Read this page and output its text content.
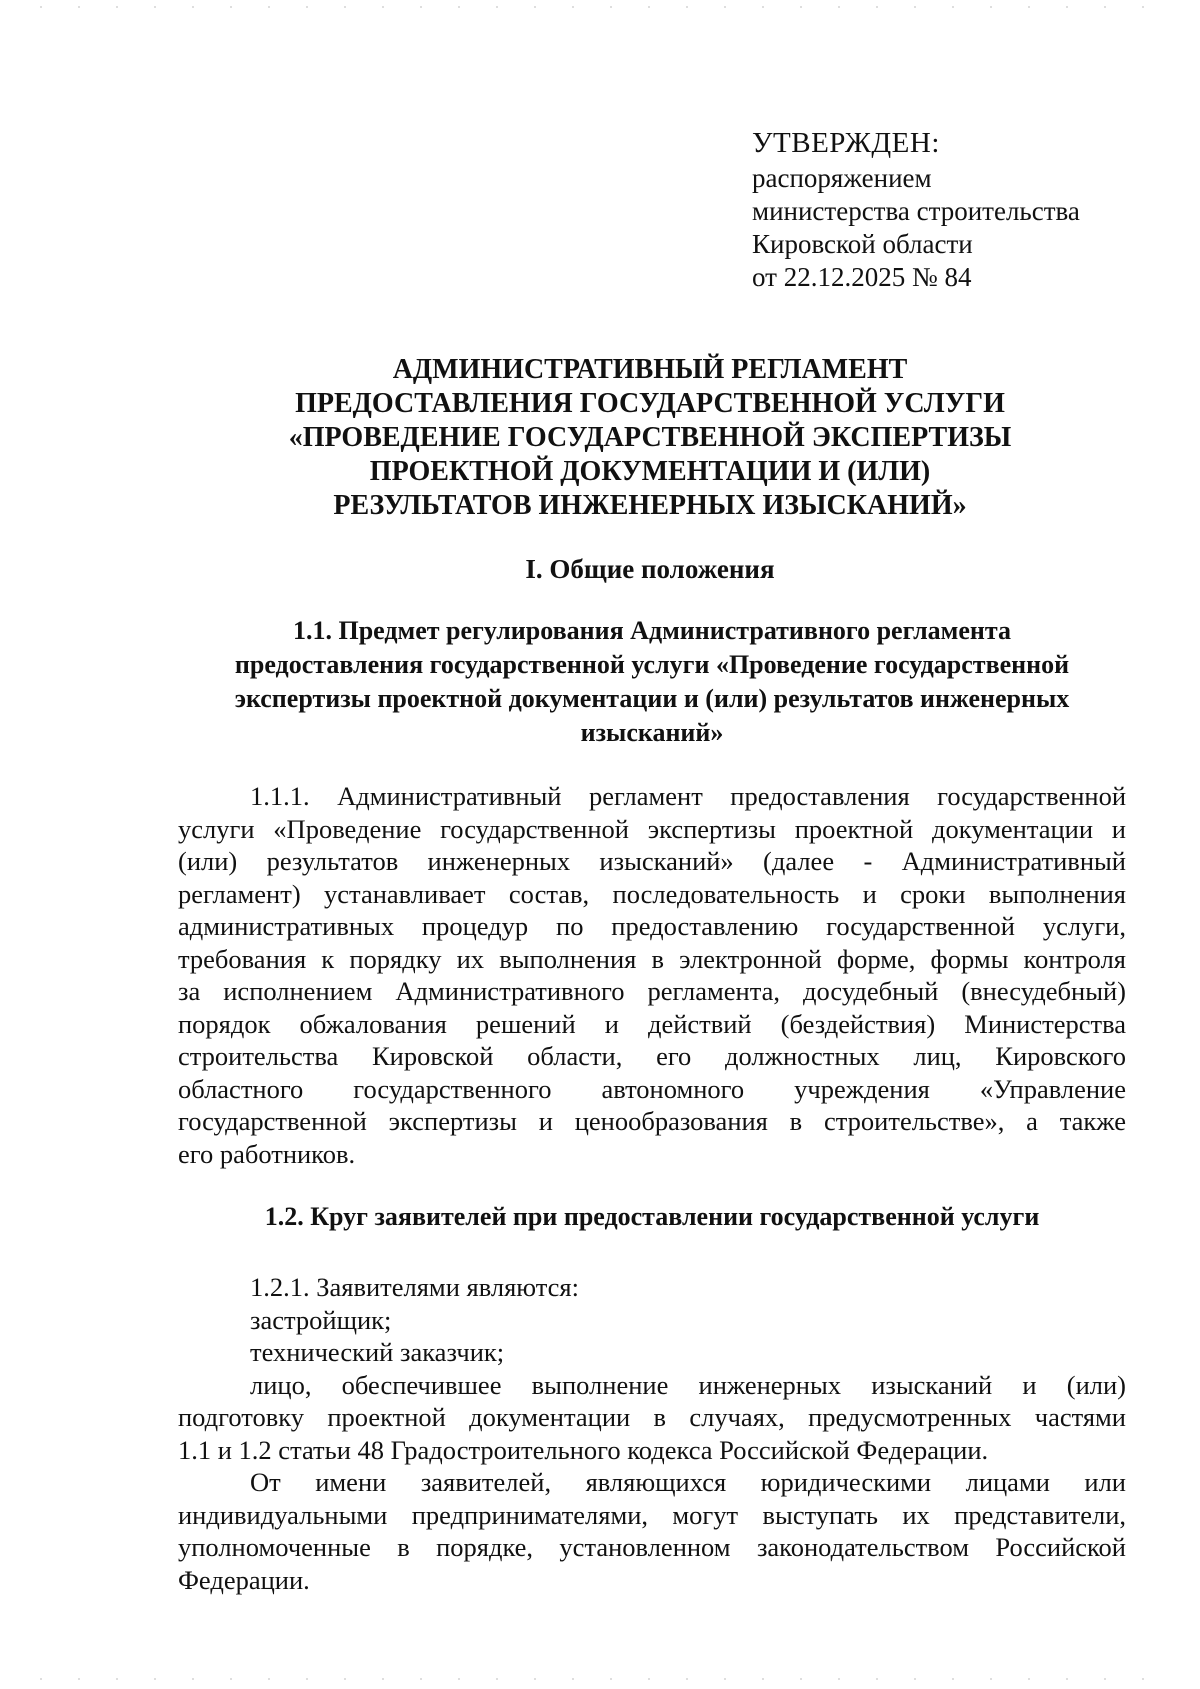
УТВЕРЖДЕН:
распоряжением
министерства строительства
Кировской области
от 22.12.2025 № 84
АДМИНИСТРАТИВНЫЙ РЕГЛАМЕНТ
ПРЕДОСТАВЛЕНИЯ ГОСУДАРСТВЕННОЙ УСЛУГИ
«ПРОВЕДЕНИЕ ГОСУДАРСТВЕННОЙ ЭКСПЕРТИЗЫ
ПРОЕКТНОЙ ДОКУМЕНТАЦИИ И (ИЛИ)
РЕЗУЛЬТАТОВ ИНЖЕНЕРНЫХ ИЗЫСКАНИЙ»
I. Общие положения
1.1. Предмет регулирования Административного регламента
предоставления государственной услуги «Проведение государственной
экспертизы проектной документации и (или) результатов инженерных
изысканий»
1.1.1. Административный регламент предоставления государственной
услуги «Проведение государственной экспертизы проектной документации и
(или) результатов инженерных изысканий» (далее - Административный
регламент) устанавливает состав, последовательность и сроки выполнения
административных процедур по предоставлению государственной услуги,
требования к порядку их выполнения в электронной форме, формы контроля
за исполнением Административного регламента, досудебный (внесудебный)
порядок обжалования решений и действий (бездействия) Министерства
строительства Кировской области, его должностных лиц, Кировского
областного государственного автономного учреждения «Управление
государственной экспертизы и ценообразования в строительстве», а также
его работников.
1.2. Круг заявителей при предоставлении государственной услуги
1.2.1. Заявителями являются:
застройщик;
технический заказчик;
лицо, обеспечившее выполнение инженерных изысканий и (или)
подготовку проектной документации в случаях, предусмотренных частями
1.1 и 1.2 статьи 48 Градостроительного кодекса Российской Федерации.
От имени заявителей, являющихся юридическими лицами или
индивидуальными предпринимателями, могут выступать их представители,
уполномоченные в порядке, установленном законодательством Российской
Федерации.
